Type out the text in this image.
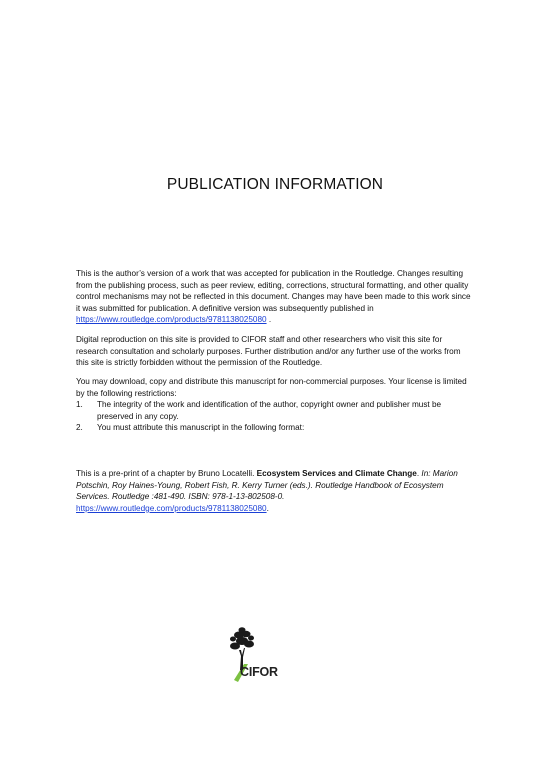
PUBLICATION INFORMATION

This is the author’s version of a work that was accepted for publication in the Routledge. Changes resulting from the publishing process, such as peer review, editing, corrections, structural formatting, and other quality control mechanisms may not be reflected in this document. Changes may have been made to this work since it was submitted for publication. A definitive version was subsequently published in https://www.routledge.com/products/9781138025080 .

Digital reproduction on this site is provided to CIFOR staff and other researchers who visit this site for research consultation and scholarly purposes. Further distribution and/or any further use of the works from this site is strictly forbidden without the permission of the Routledge.

You may download, copy and distribute this manuscript for non-commercial purposes. Your license is limited by the following restrictions:

1. The integrity of the work and identification of the author, copyright owner and publisher must be preserved in any copy.
2. You must attribute this manuscript in the following format:

This is a pre-print of a chapter by Bruno Locatelli. Ecosystem Services and Climate Change. In: Marion Potschin, Roy Haines-Young, Robert Fish, R. Kerry Turner (eds.). Routledge Handbook of Ecosystem Services. Routledge :481-490. ISBN: 978-1-13-802508-0. https://www.routledge.com/products/9781138025080.

CIFOR
